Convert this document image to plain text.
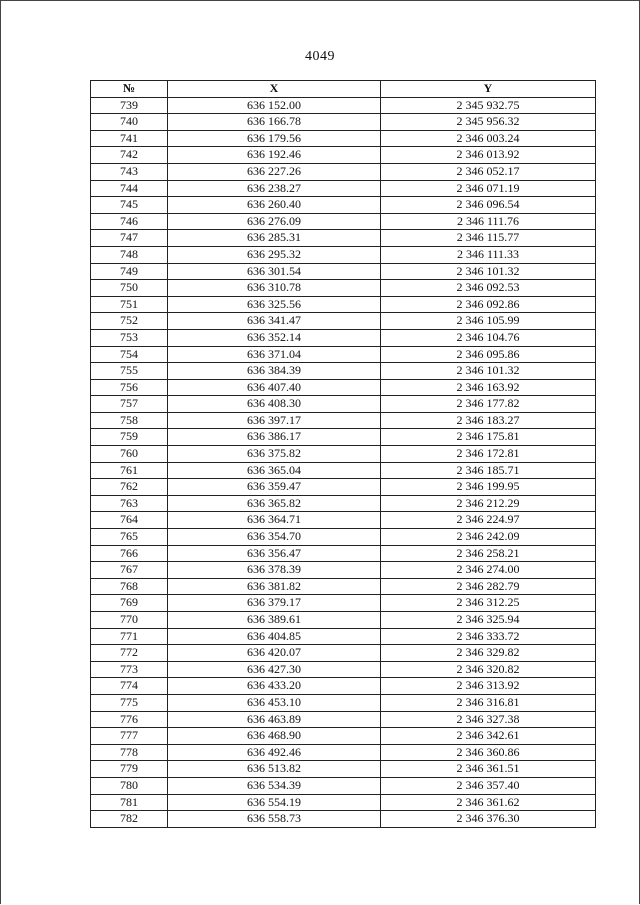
4049
№	X	Y
739	636 152.00	2 345 932.75
740	636 166.78	2 345 956.32
741	636 179.56	2 346 003.24
742	636 192.46	2 346 013.92
743	636 227.26	2 346 052.17
744	636 238.27	2 346 071.19
745	636 260.40	2 346 096.54
746	636 276.09	2 346 111.76
747	636 285.31	2 346 115.77
748	636 295.32	2 346 111.33
749	636 301.54	2 346 101.32
750	636 310.78	2 346 092.53
751	636 325.56	2 346 092.86
752	636 341.47	2 346 105.99
753	636 352.14	2 346 104.76
754	636 371.04	2 346 095.86
755	636 384.39	2 346 101.32
756	636 407.40	2 346 163.92
757	636 408.30	2 346 177.82
758	636 397.17	2 346 183.27
759	636 386.17	2 346 175.81
760	636 375.82	2 346 172.81
761	636 365.04	2 346 185.71
762	636 359.47	2 346 199.95
763	636 365.82	2 346 212.29
764	636 364.71	2 346 224.97
765	636 354.70	2 346 242.09
766	636 356.47	2 346 258.21
767	636 378.39	2 346 274.00
768	636 381.82	2 346 282.79
769	636 379.17	2 346 312.25
770	636 389.61	2 346 325.94
771	636 404.85	2 346 333.72
772	636 420.07	2 346 329.82
773	636 427.30	2 346 320.82
774	636 433.20	2 346 313.92
775	636 453.10	2 346 316.81
776	636 463.89	2 346 327.38
777	636 468.90	2 346 342.61
778	636 492.46	2 346 360.86
779	636 513.82	2 346 361.51
780	636 534.39	2 346 357.40
781	636 554.19	2 346 361.62
782	636 558.73	2 346 376.30
